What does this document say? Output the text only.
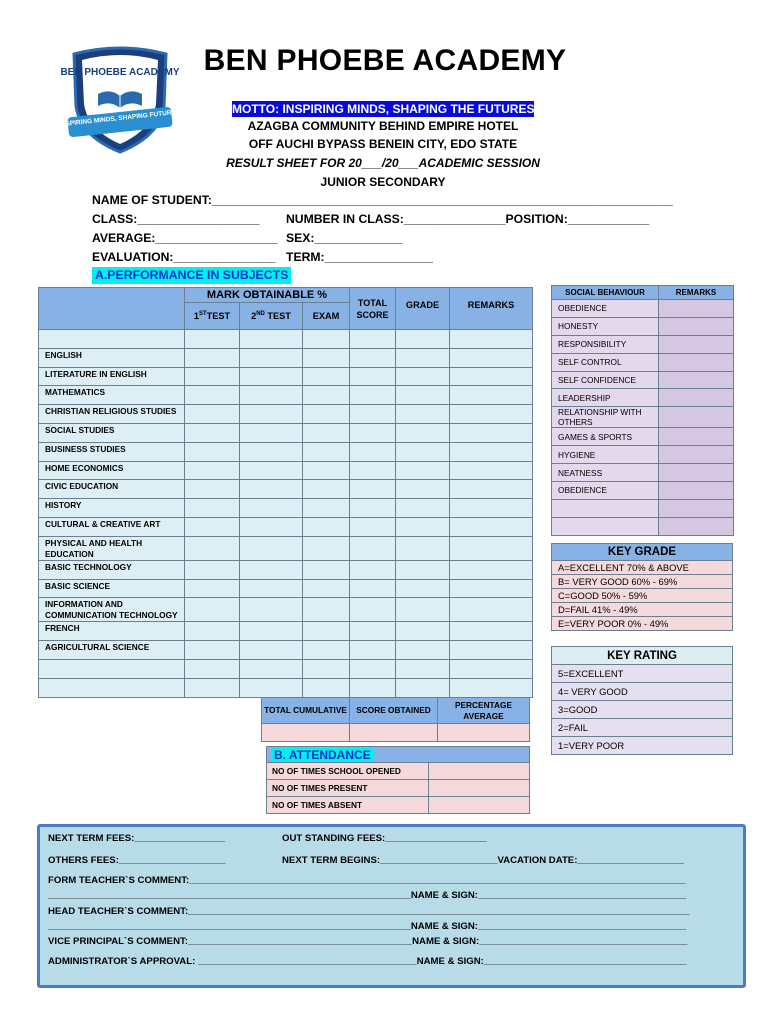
BEN PHOEBE ACADEMY
INSPIRING MINDS, SHAPING FUTURES
BEN PHOEBE ACADEMY
MOTTO: INSPIRING MINDS, SHAPING THE FUTURES
AZAGBA COMMUNITY BEHIND EMPIRE HOTEL
OFF AUCHI BYPASS BENEIN CITY, EDO STATE
RESULT SHEET FOR 20___/20___ACADEMIC SESSION
JUNIOR SECONDARY
NAME OF STUDENT:____________________________________________________________________
CLASS:__________________ NUMBER IN CLASS:_______________POSITION:____________
AVERAGE:__________________ SEX:_____________
EVALUATION:_______________ TERM:________________
A.PERFORMANCE IN SUBJECTS
	MARK OBTAINABLE %			TOTAL SCORE	GRADE	REMARKS
	1STTEST	2ND TEST	EXAM			

ENGLISH						
LITERATURE IN ENGLISH						
MATHEMATICS						
CHRISTIAN RELIGIOUS STUDIES						
SOCIAL STUDIES						
BUSINESS STUDIES						
HOME ECONOMICS						
CIVIC EDUCATION						
HISTORY						
CULTURAL & CREATIVE ART						
PHYSICAL AND HEALTH EDUCATION						
BASIC TECHNOLOGY						
BASIC SCIENCE						
INFORMATION AND COMMUNICATION TECHNOLOGY						
FRENCH						
AGRICULTURAL SCIENCE						

SOCIAL BEHAVIOUR	REMARKS
OBEDIENCE	
HONESTY	
RESPONSIBILITY	
SELF CONTROL	
SELF CONFIDENCE	
LEADERSHIP	
RELATIONSHIP WITH OTHERS	
GAMES & SPORTS	
HYGIENE	
NEATNESS	
OBEDIENCE	

KEY GRADE
A=EXCELLENT 70% & ABOVE
B= VERY GOOD 60% - 69%
C=GOOD 50% - 59%
D=FAIL 41% - 49%
E=VERY POOR 0% - 49%
KEY RATING
5=EXCELLENT
4= VERY GOOD
3=GOOD
2=FAIL
1=VERY POOR
TOTAL CUMULATIVE	SCORE OBTAINED	PERCENTAGE AVERAGE

B. ATTENDANCE	
NO OF TIMES SCHOOL OPENED	
NO OF TIMES PRESENT	
NO OF TIMES ABSENT	
NEXT TERM FEES:_________________	OUT STANDING FEES:___________________
OTHERS FEES:____________________	NEXT TERM BEGINS:______________________VACATION DATE:____________________
FORM TEACHER`S COMMENT:_____________________________________________________________________________________________
____________________________________________________________________NAME & SIGN:_______________________________________
HEAD TEACHER`S COMMENT:______________________________________________________________________________________________
____________________________________________________________________NAME & SIGN:_______________________________________
VICE PRINCIPAL`S COMMENT:__________________________________________NAME & SIGN:_______________________________________
ADMINISTRATOR`S APPROVAL: _________________________________________NAME & SIGN:______________________________________
